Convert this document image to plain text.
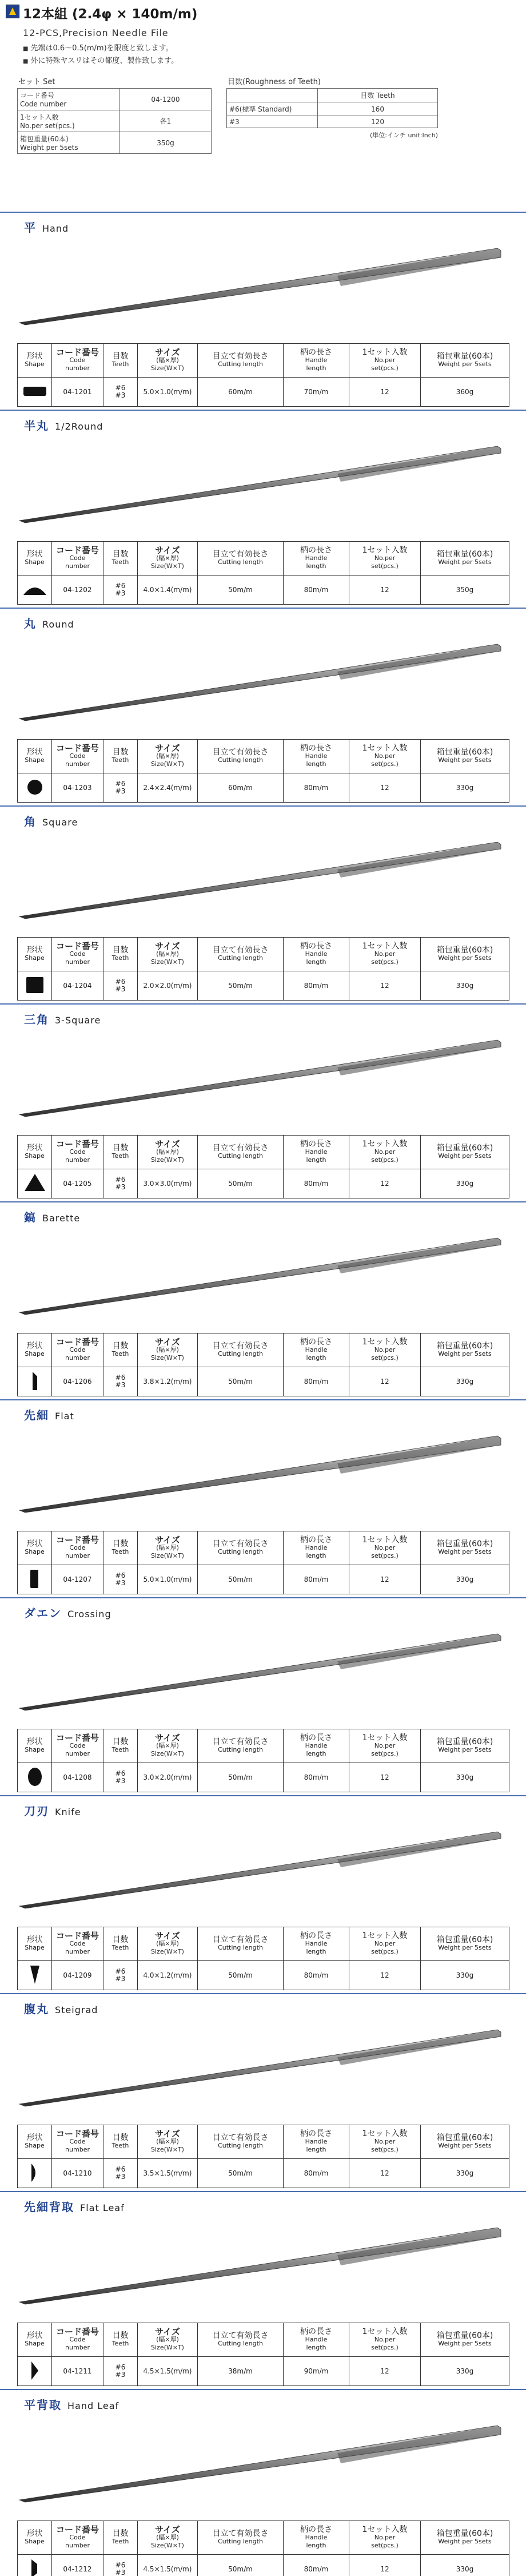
12本組 (2.4φ × 140m/m)
12-PCS,Precision Needle File
■ 先端は0.6～0.5(m/m)を限度と致します。
■ 外に特殊ヤスリはその都度、製作致します。
セット Set
コード番号
Code number	04-1200
1セット入数
No.per set(pcs.)	各1
箱包重量(60本)
Weight per 5sets	350g
目数(Roughness of Teeth)
	目数 Teeth
#6(標準 Standard)	160
#3	120
(単位:インチ unit:Inch)
平 Hand
形状
Shape	コード番号
Code
number	目数
Teeth	サイズ
(幅×厚)
Size(W×T)	目立て有効長さ
Cutting length	柄の長さ
Handle
length	1セット入数
No.per
set(pcs.)	箱包重量(60本)
Weight per 5sets

	04-1201	#6
#3	5.0×1.0(m/m)	60m/m	70m/m	12	360g
半丸 1/2Round
形状
Shape	コード番号
Code
number	目数
Teeth	サイズ
(幅×厚)
Size(W×T)	目立て有効長さ
Cutting length	柄の長さ
Handle
length	1セット入数
No.per
set(pcs.)	箱包重量(60本)
Weight per 5sets

	04-1202	#6
#3	4.0×1.4(m/m)	50m/m	80m/m	12	350g
丸 Round
形状
Shape	コード番号
Code
number	目数
Teeth	サイズ
(幅×厚)
Size(W×T)	目立て有効長さ
Cutting length	柄の長さ
Handle
length	1セット入数
No.per
set(pcs.)	箱包重量(60本)
Weight per 5sets

	04-1203	#6
#3	2.4×2.4(m/m)	60m/m	80m/m	12	330g
角 Square
形状
Shape	コード番号
Code
number	目数
Teeth	サイズ
(幅×厚)
Size(W×T)	目立て有効長さ
Cutting length	柄の長さ
Handle
length	1セット入数
No.per
set(pcs.)	箱包重量(60本)
Weight per 5sets

	04-1204	#6
#3	2.0×2.0(m/m)	50m/m	80m/m	12	330g
三角 3-Square
形状
Shape	コード番号
Code
number	目数
Teeth	サイズ
(幅×厚)
Size(W×T)	目立て有効長さ
Cutting length	柄の長さ
Handle
length	1セット入数
No.per
set(pcs.)	箱包重量(60本)
Weight per 5sets

	04-1205	#6
#3	3.0×3.0(m/m)	50m/m	80m/m	12	330g
鎬 Barette
形状
Shape	コード番号
Code
number	目数
Teeth	サイズ
(幅×厚)
Size(W×T)	目立て有効長さ
Cutting length	柄の長さ
Handle
length	1セット入数
No.per
set(pcs.)	箱包重量(60本)
Weight per 5sets

	04-1206	#6
#3	3.8×1.2(m/m)	50m/m	80m/m	12	330g
先細 Flat
形状
Shape	コード番号
Code
number	目数
Teeth	サイズ
(幅×厚)
Size(W×T)	目立て有効長さ
Cutting length	柄の長さ
Handle
length	1セット入数
No.per
set(pcs.)	箱包重量(60本)
Weight per 5sets

	04-1207	#6
#3	5.0×1.0(m/m)	50m/m	80m/m	12	330g
ダエン Crossing
形状
Shape	コード番号
Code
number	目数
Teeth	サイズ
(幅×厚)
Size(W×T)	目立て有効長さ
Cutting length	柄の長さ
Handle
length	1セット入数
No.per
set(pcs.)	箱包重量(60本)
Weight per 5sets

	04-1208	#6
#3	3.0×2.0(m/m)	50m/m	80m/m	12	330g
刀刃 Knife
形状
Shape	コード番号
Code
number	目数
Teeth	サイズ
(幅×厚)
Size(W×T)	目立て有効長さ
Cutting length	柄の長さ
Handle
length	1セット入数
No.per
set(pcs.)	箱包重量(60本)
Weight per 5sets

	04-1209	#6
#3	4.0×1.2(m/m)	50m/m	80m/m	12	330g
腹丸 Steigrad
形状
Shape	コード番号
Code
number	目数
Teeth	サイズ
(幅×厚)
Size(W×T)	目立て有効長さ
Cutting length	柄の長さ
Handle
length	1セット入数
No.per
set(pcs.)	箱包重量(60本)
Weight per 5sets

	04-1210	#6
#3	3.5×1.5(m/m)	50m/m	80m/m	12	330g
先細背取 Flat Leaf
形状
Shape	コード番号
Code
number	目数
Teeth	サイズ
(幅×厚)
Size(W×T)	目立て有効長さ
Cutting length	柄の長さ
Handle
length	1セット入数
No.per
set(pcs.)	箱包重量(60本)
Weight per 5sets

	04-1211	#6
#3	4.5×1.5(m/m)	38m/m	90m/m	12	330g
平背取 Hand Leaf
形状
Shape	コード番号
Code
number	目数
Teeth	サイズ
(幅×厚)
Size(W×T)	目立て有効長さ
Cutting length	柄の長さ
Handle
length	1セット入数
No.per
set(pcs.)	箱包重量(60本)
Weight per 5sets

	04-1212	#6
#3	4.5×1.5(m/m)	50m/m	80m/m	12	330g
